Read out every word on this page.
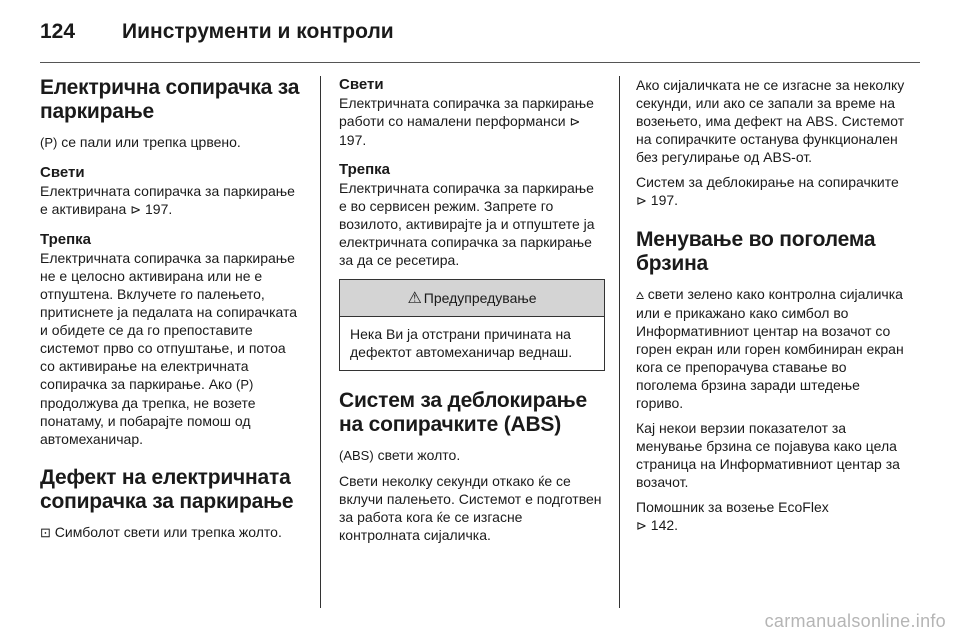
124 Иинструменти и контроли
Електрична сопирачка за паркирање

(P) се пали или трепка црвено.

Свети

Електричната сопирачка за паркирање е активирана ⊳ 197.

Трепка

Електричната сопирачка за паркирање не е целосно активирана или не е отпуштена. Вклучете го палењето, притиснете ја педалата на сопирачката и обидете се да го препоставите системот прво со отпуштање, и потоа со активирање на електричната сопирачка за паркирање. Ако (P) продолжува да трепка, не возете понатаму, и побарајте помош од автомеханичар.

Дефект на електричната сопирачка за паркирање

⊡ Симболот свети или трепка жолто.

Свети

Електричната сопирачка за паркирање работи со намалени перформанси ⊳ 197.

Трепка

Електричната сопирачка за паркирање е во сервисен режим. Запрете го возилото, активирајте ја и отпуштете ја електричната сопирачка за паркирање за да се ресетира.

⚠ Предупредување

Нека Ви ја отстрани причината на дефектот автомеханичар веднаш.

Систем за деблокирање на сопирачките (ABS)

(ABS) свети жолто.

Свети неколку секунди откако ќе се вклучи палењето. Системот е подготвен за работа кога ќе се изгасне контролната сијаличка.

Ако сијаличката не се изгасне за неколку секунди, или ако се запали за време на возењето, има дефект на ABS. Системот на сопирачките останува функционален без регулирање од ABS-от.

Систем за деблокирање на сопирачките ⊳ 197.

Менување во поголема брзина

⩟ свети зелено како контролна сијаличка или е прикажано како симбол во Информативниот центар на возачот со горен екран или горен комбиниран екран кога се препорачува ставање во поголема брзина заради штедење гориво.

Кај некои верзии показателот за менување брзина се појавува како цела страница на Информативниот центар за возачот.

Помошник за возење EcoFlex
⊳ 142.

carmanualsonline.info
